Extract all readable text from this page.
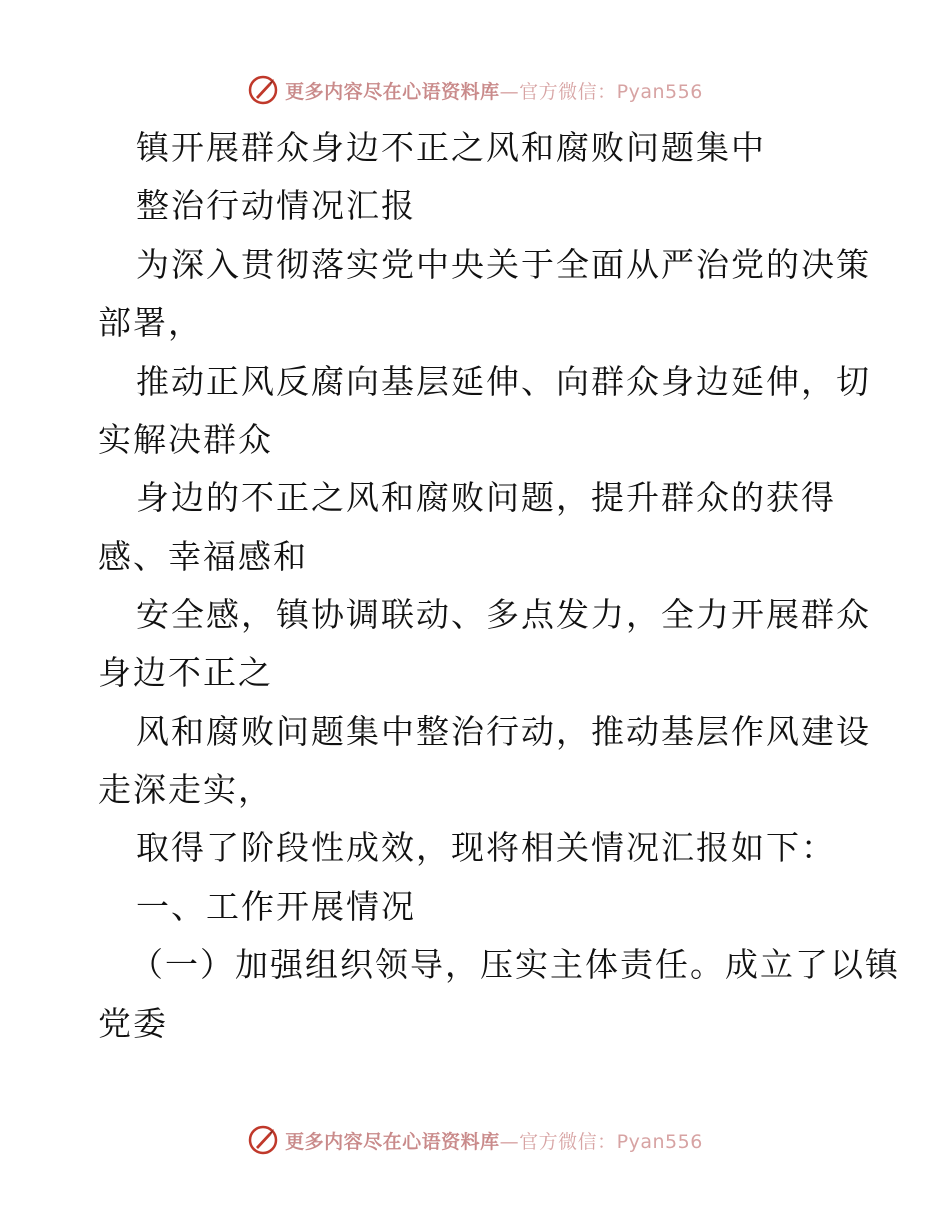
更多内容尽在心语资料库 —官方微信：Pyan556
镇开展群众身边不正之风和腐败问题集中
整治行动情况汇报
为深入贯彻落实党中央关于全面从严治党的决策
部署，
推动正风反腐向基层延伸、向群众身边延伸，切
实解决群众
身边的不正之风和腐败问题，提升群众的获得
感、幸福感和
安全感，镇协调联动、多点发力，全力开展群众
身边不正之
风和腐败问题集中整治行动，推动基层作风建设
走深走实，
取得了阶段性成效，现将相关情况汇报如下：
一、工作开展情况
（一）加强组织领导，压实主体责任。成立了以镇
党委
更多内容尽在心语资料库 —官方微信：Pyan556
